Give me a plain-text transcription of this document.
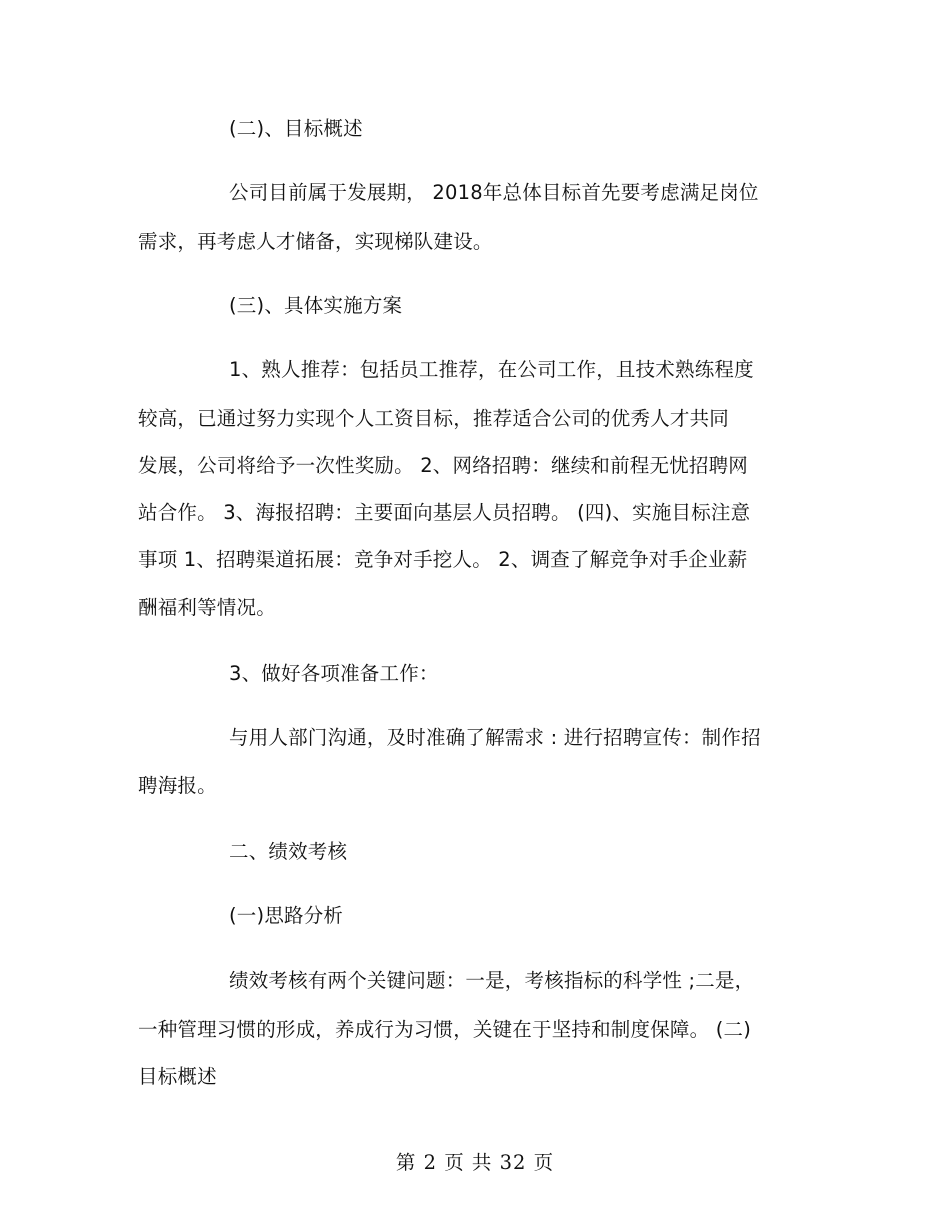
(二)、目标概述
公司目前属于发展期， 2018年总体目标首先要考虑满足岗位
需求，再考虑人才储备，实现梯队建设。
(三)、具体实施方案
1、熟人推荐：包括员工推荐，在公司工作，且技术熟练程度
较高，已通过努力实现个人工资目标，推荐适合公司的优秀人才共同
发展，公司将给予一次性奖励。 2、网络招聘：继续和前程无忧招聘网
站合作。 3、海报招聘：主要面向基层人员招聘。 (四)、实施目标注意
事项 1、招聘渠道拓展：竞争对手挖人。 2、调查了解竞争对手企业薪
酬福利等情况。
3、做好各项准备工作：
与用人部门沟通，及时准确了解需求 : 进行招聘宣传：制作招
聘海报。
二、绩效考核
(一)思路分析
绩效考核有两个关键问题：一是，考核指标的科学性 ;二是，
一种管理习惯的形成，养成行为习惯，关键在于坚持和制度保障。 (二)
目标概述
第 2 页 共 32 页
